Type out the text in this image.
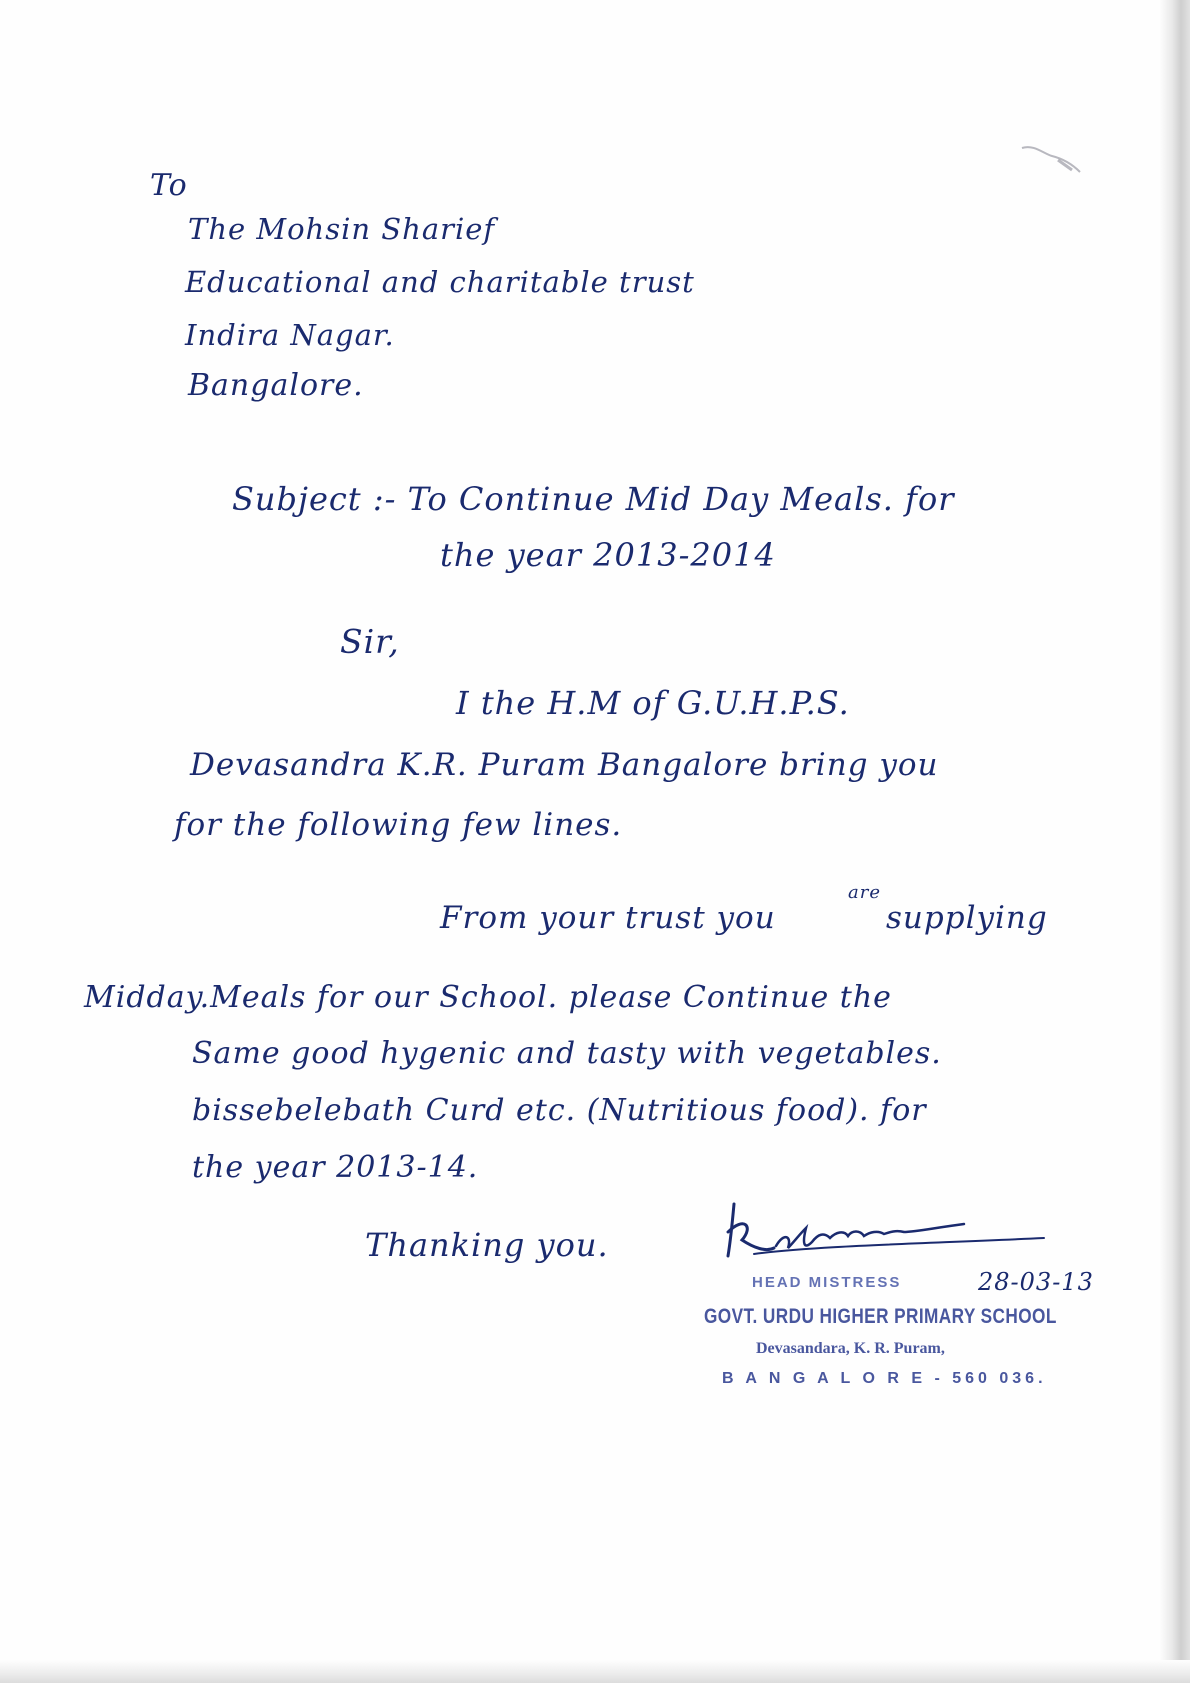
To
The Mohsin Sharief
Educational and charitable trust
Indira Nagar.
Bangalore.
Subject :- To Continue Mid Day Meals. for
the year 2013-2014
Sir,
I the H.M of G.U.H.P.S.
Devasandra K.R. Puram Bangalore bring you
for the following few lines.
From your trust you
are
supplying
Midday.Meals for our School. please Continue the
Same good hygenic and tasty with vegetables.
bissebelebath Curd etc. (Nutritious food). for
the year 2013-14.
Thanking you.
28-03-13
HEAD MISTRESS
GOVT. URDU HIGHER PRIMARY SCHOOL
Devasandara, K. R. Puram,
B A N G A L O R E - 560 036.
